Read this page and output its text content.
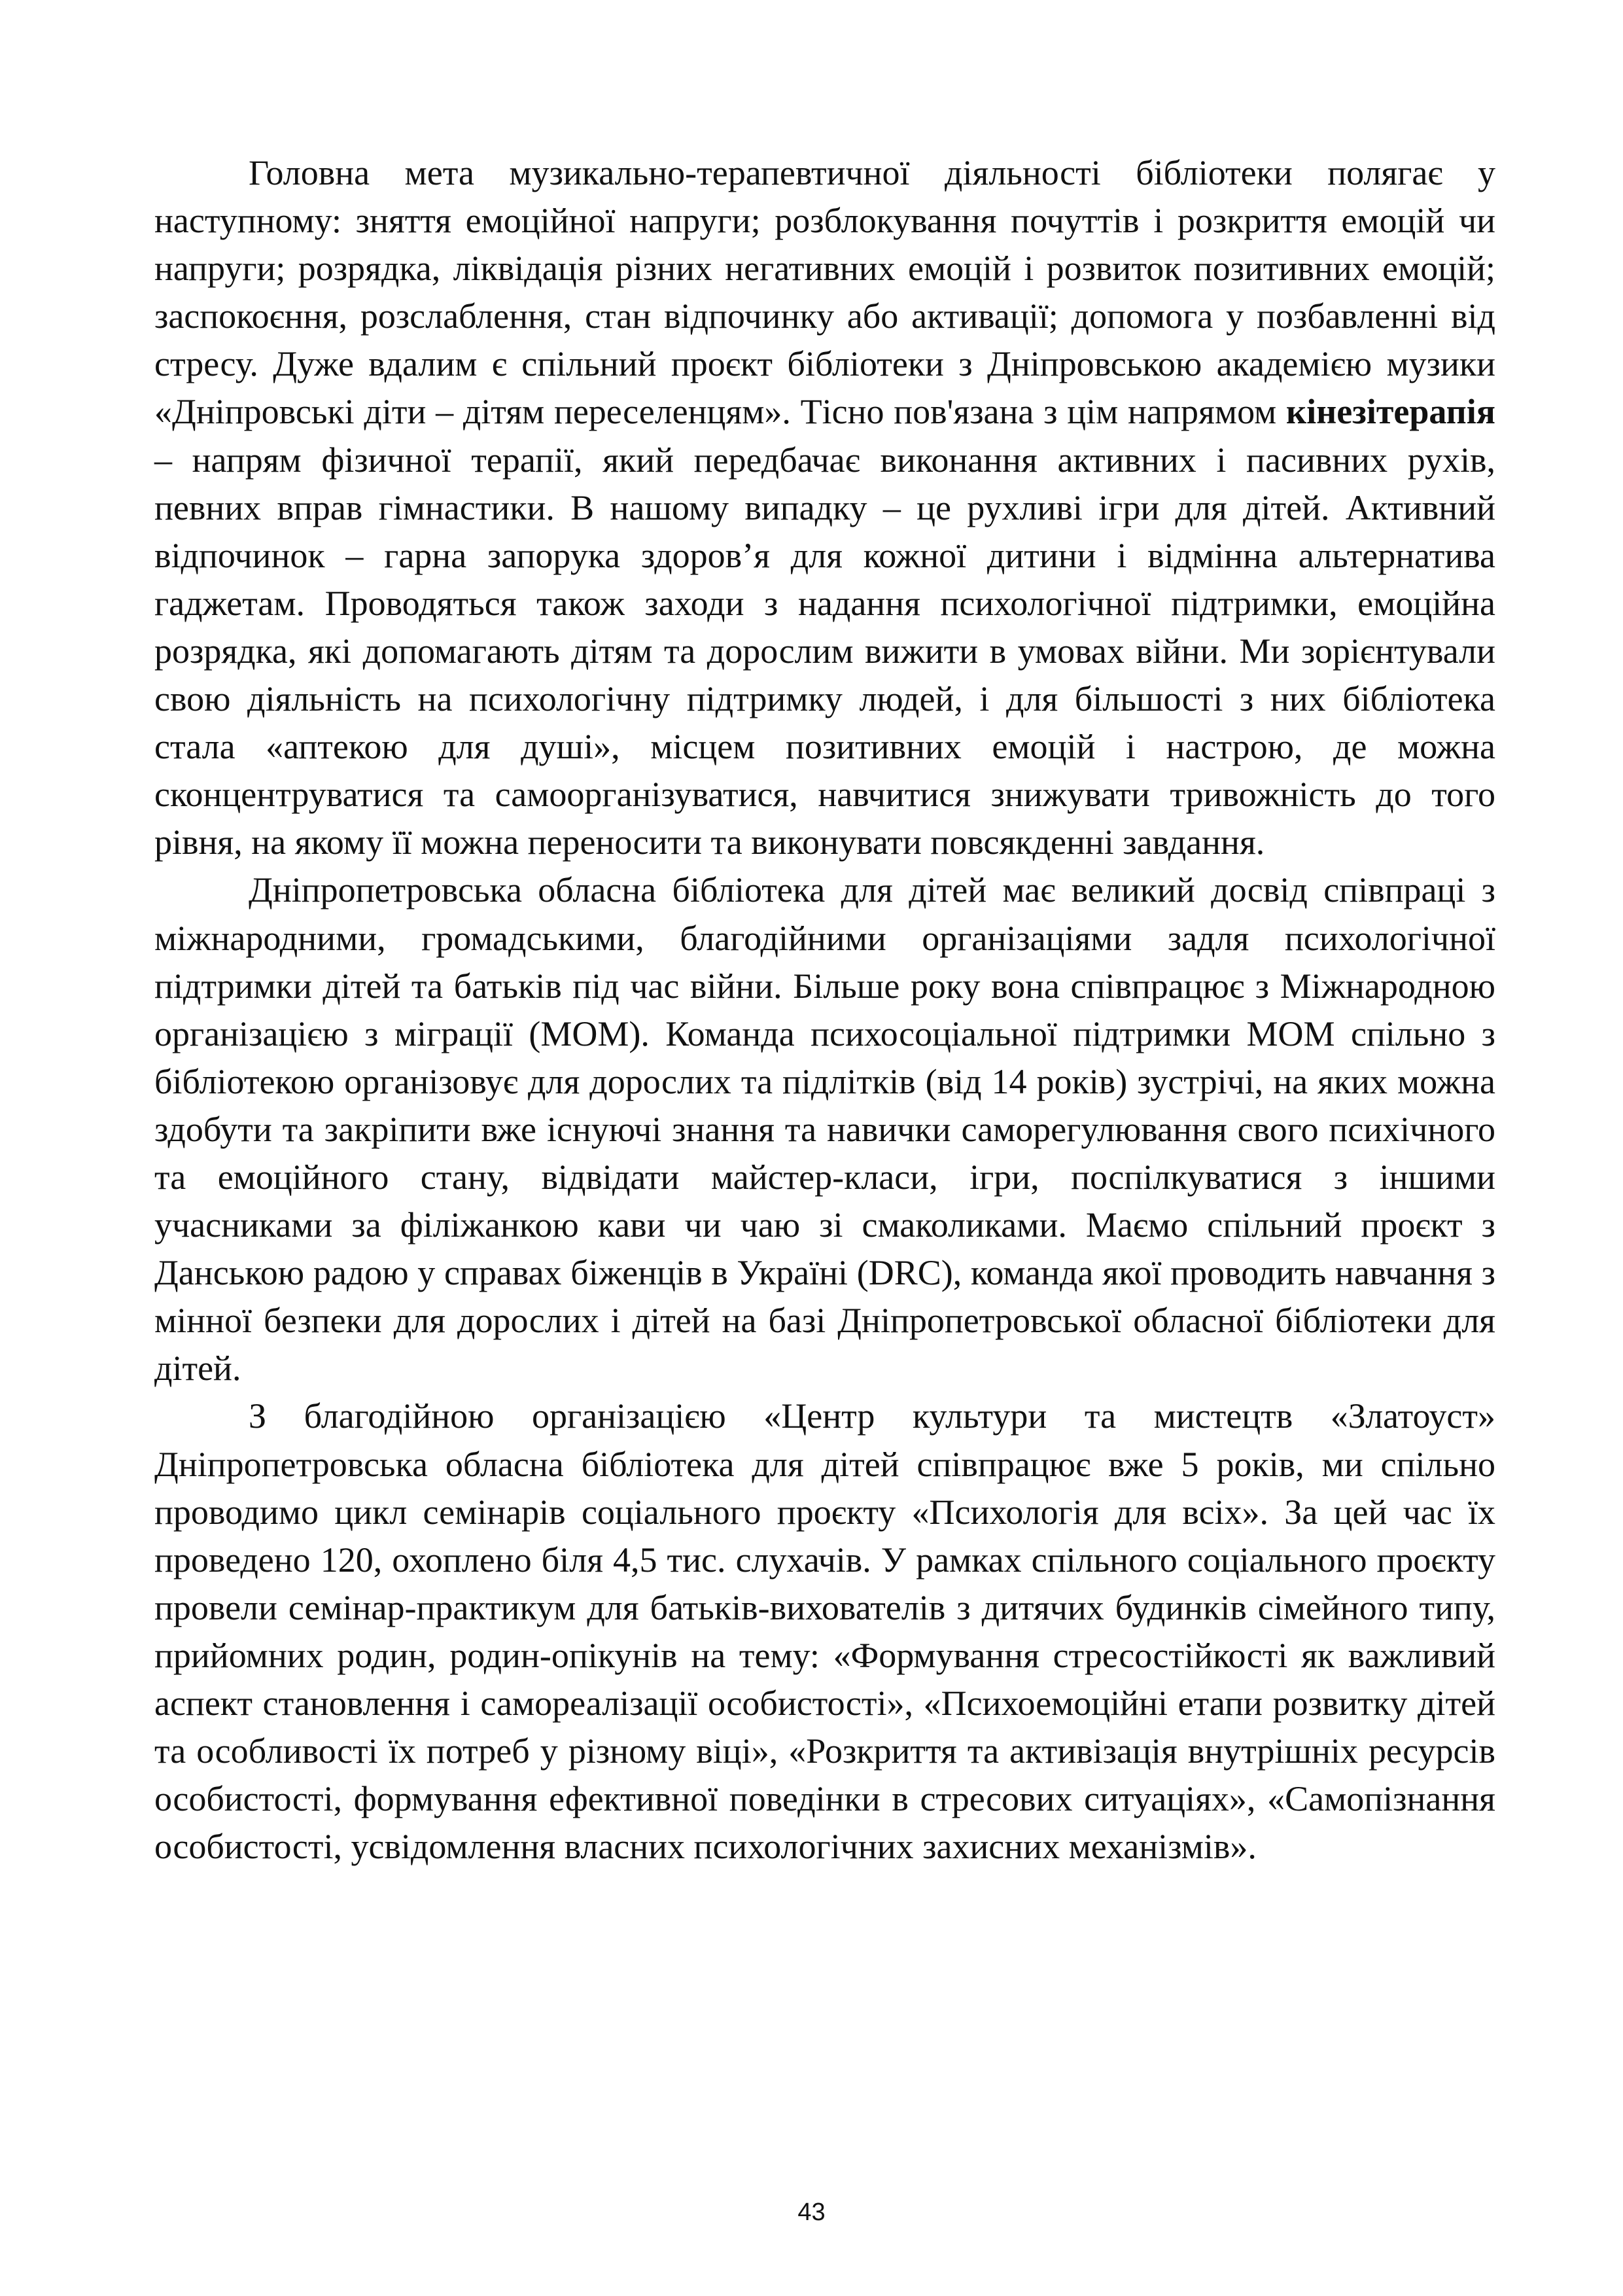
Головна мета музикально-терапевтичної діяльності бібліотеки полягає у наступному: зняття емоційної напруги; розблокування почуттів і розкриття емоцій чи напруги; розрядка, ліквідація різних негативних емоцій і розвиток позитивних емоцій; заспокоєння, розслаблення, стан відпочинку або активації; допомога у позбавленні від стресу. Дуже вдалим є спільний проєкт бібліотеки з Дніпровською академією музики «Дніпровські діти – дітям переселенцям». Тісно пов'язана з цім напрямом кінезітерапія – напрям фізичної терапії, який передбачає виконання активних і пасивних рухів, певних вправ гімнастики. В нашому випадку – це рухливі ігри для дітей. Активний відпочинок – гарна запорука здоров’я для кожної дитини і відмінна альтернатива гаджетам. Проводяться також заходи з надання психологічної підтримки, емоційна розрядка, які допомагають дітям та дорослим вижити в умовах війни. Ми зорієнтували свою діяльність на психологічну підтримку людей, і для більшості з них бібліотека стала «аптекою для душі», місцем позитивних емоцій і настрою, де можна сконцентруватися та самоорганізуватися, навчитися знижувати тривожність до того рівня, на якому її можна переносити та виконувати повсякденні завдання.

Дніпропетровська обласна бібліотека для дітей має великий досвід співпраці з міжнародними, громадськими, благодійними організаціями задля психологічної підтримки дітей та батьків під час війни. Більше року вона співпрацює з Міжнародною організацією з міграції (МОМ). Команда психосоціальної підтримки МОМ спільно з бібліотекою організовує для дорослих та підлітків (від 14 років) зустрічі, на яких можна здобути та закріпити вже існуючі знання та навички саморегулювання свого психічного та емоційного стану, відвідати майстер-класи, ігри, поспілкуватися з іншими учасниками за філіжанкою кави чи чаю зі смаколиками. Маємо спільний проєкт з Данською радою у справах біженців в Україні (DRC), команда якої проводить навчання з мінної безпеки для дорослих і дітей на базі Дніпропетровської обласної бібліотеки для дітей.

З благодійною організацією «Центр культури та мистецтв «Златоуст» Дніпропетровська обласна бібліотека для дітей співпрацює вже 5 років, ми спільно проводимо цикл семінарів соціального проєкту «Психологія для всіх». За цей час їх проведено 120, охоплено біля 4,5 тис. слухачів. У рамках спільного соціального проєкту провели семінар-практикум для батьків-вихователів з дитячих будинків сімейного типу, прийомних родин, родин-опікунів на тему: «Формування стресостійкості як важливий аспект становлення і самореалізації особистості», «Психоемоційні етапи розвитку дітей та особливості їх потреб у різному віці», «Розкриття та активізація внутрішніх ресурсів особистості, формування ефективної поведінки в стресових ситуаціях», «Самопізнання особистості, усвідомлення власних психологічних захисних механізмів».

43
